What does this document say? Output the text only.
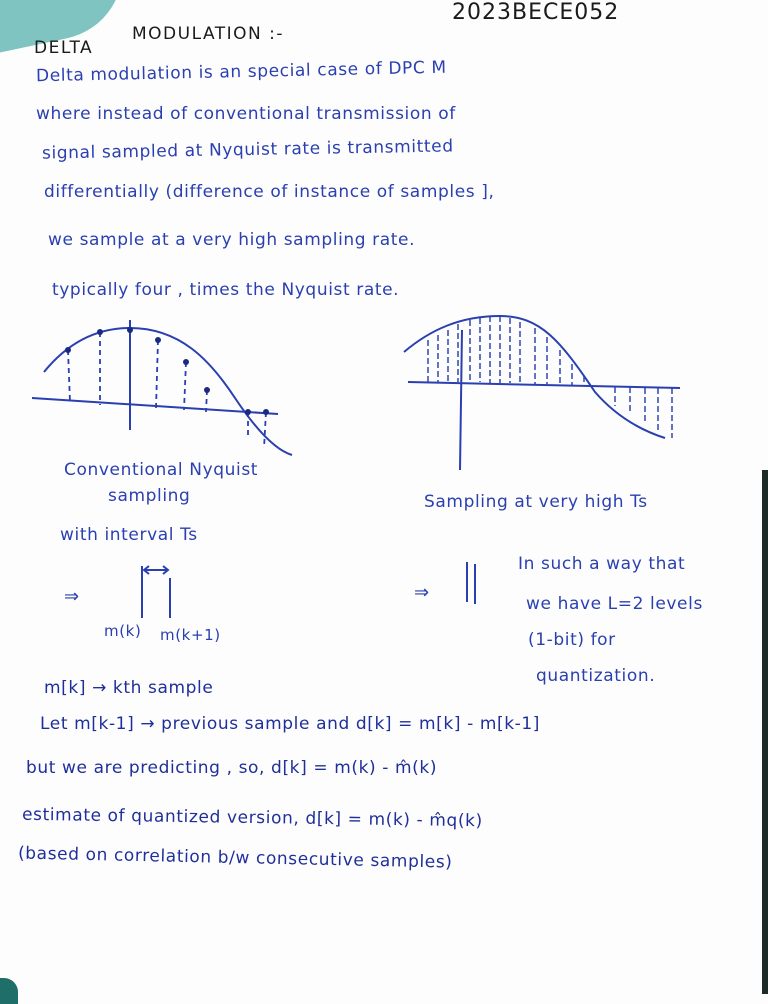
2023BECE052
DELTA
MODULATION :-
Delta modulation is an special case of DPC M
where instead of conventional transmission of
signal sampled at Nyquist rate is transmitted
differentially (difference of instance of samples ],
we sample at a very high sampling rate.
typically four , times the Nyquist rate.
Conventional Nyquist
sampling
with interval Ts
⇒
m(k) m(k+1)
Sampling at very high Ts
⇒
In such a way that
we have L=2 levels
(1-bit) for
quantization.
m[k] → kth sample
Let m[k-1] → previous sample and d[k] = m[k] - m[k-1]
but we are predicting , so, d[k] = m(k) - m̂(k)
estimate of quantized version, d[k] = m(k) - m̂q(k)
(based on correlation b/w consecutive samples)
